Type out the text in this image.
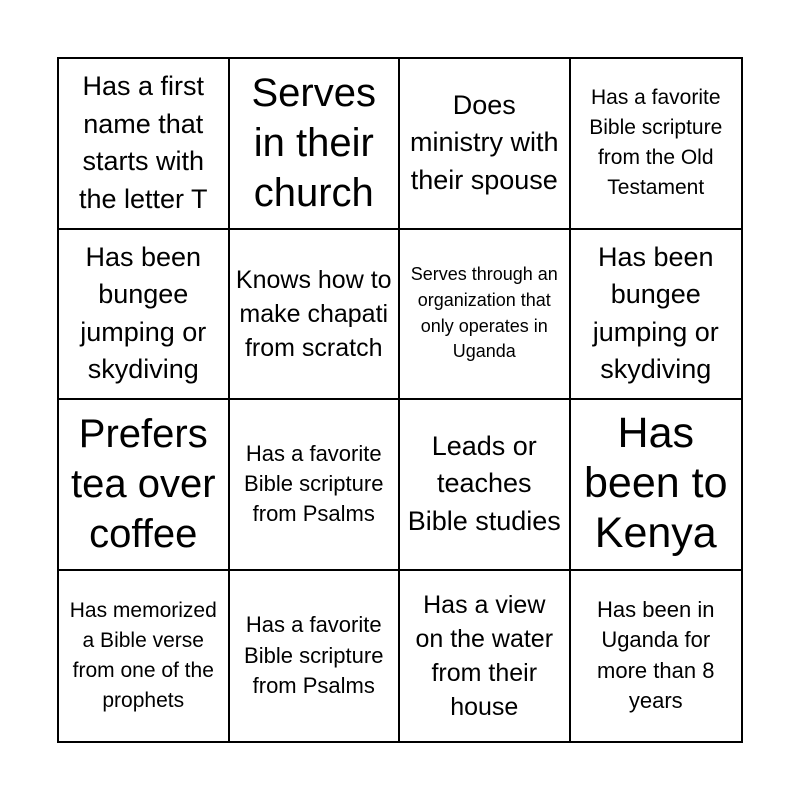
Has a first name that starts with the letter T
Serves in their church
Does ministry with their spouse
Has a favorite Bible scripture from the Old Testament
Has been bungee jumping or skydiving
Knows how to make chapati from scratch
Serves through an organization that only operates in Uganda
Has been bungee jumping or skydiving
Prefers tea over coffee
Has a favorite Bible scripture from Psalms
Leads or teaches Bible studies
Has been to Kenya
Has memorized a Bible verse from one of the prophets
Has a favorite Bible scripture from Psalms
Has a view on the water from their house
Has been in Uganda for more than 8 years
